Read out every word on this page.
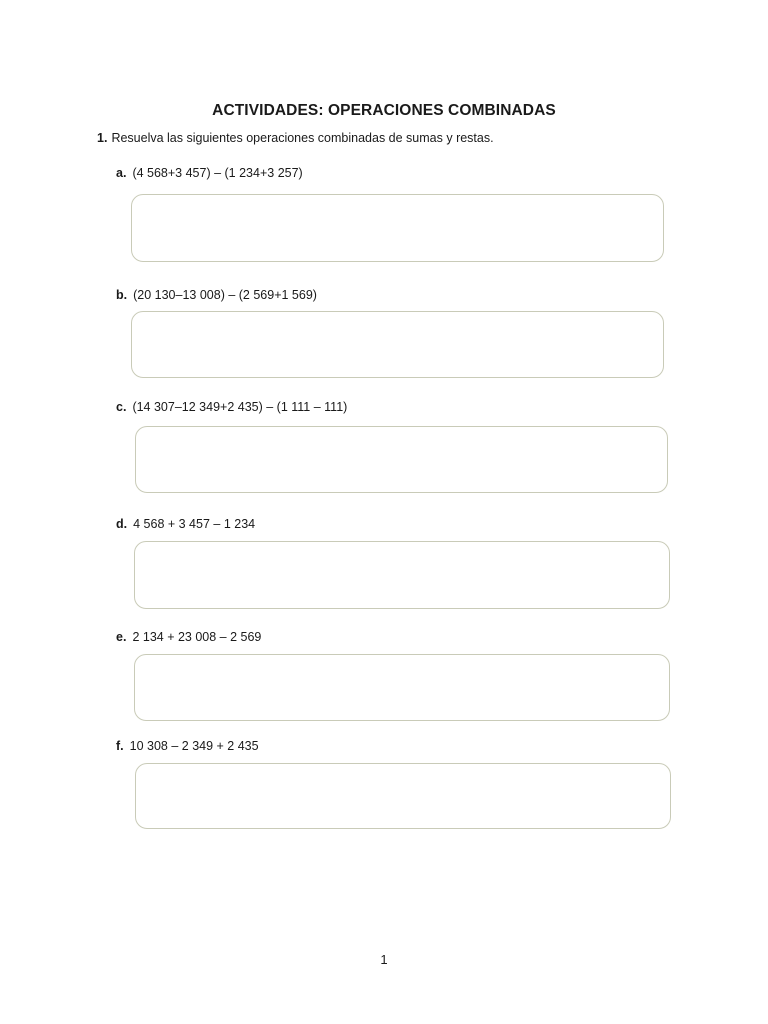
ACTIVIDADES: OPERACIONES COMBINADAS
1. Resuelva las siguientes operaciones combinadas de sumas y restas.
a. (4 568+3 457) – (1 234+3 257)
b. (20 130–13 008) – (2 569+1 569)
c. (14 307–12 349+2 435) – (1 111 – 111)
d. 4 568 + 3 457 – 1 234
e. 2 134 + 23 008 – 2 569
f. 10 308 – 2 349 + 2 435
1
